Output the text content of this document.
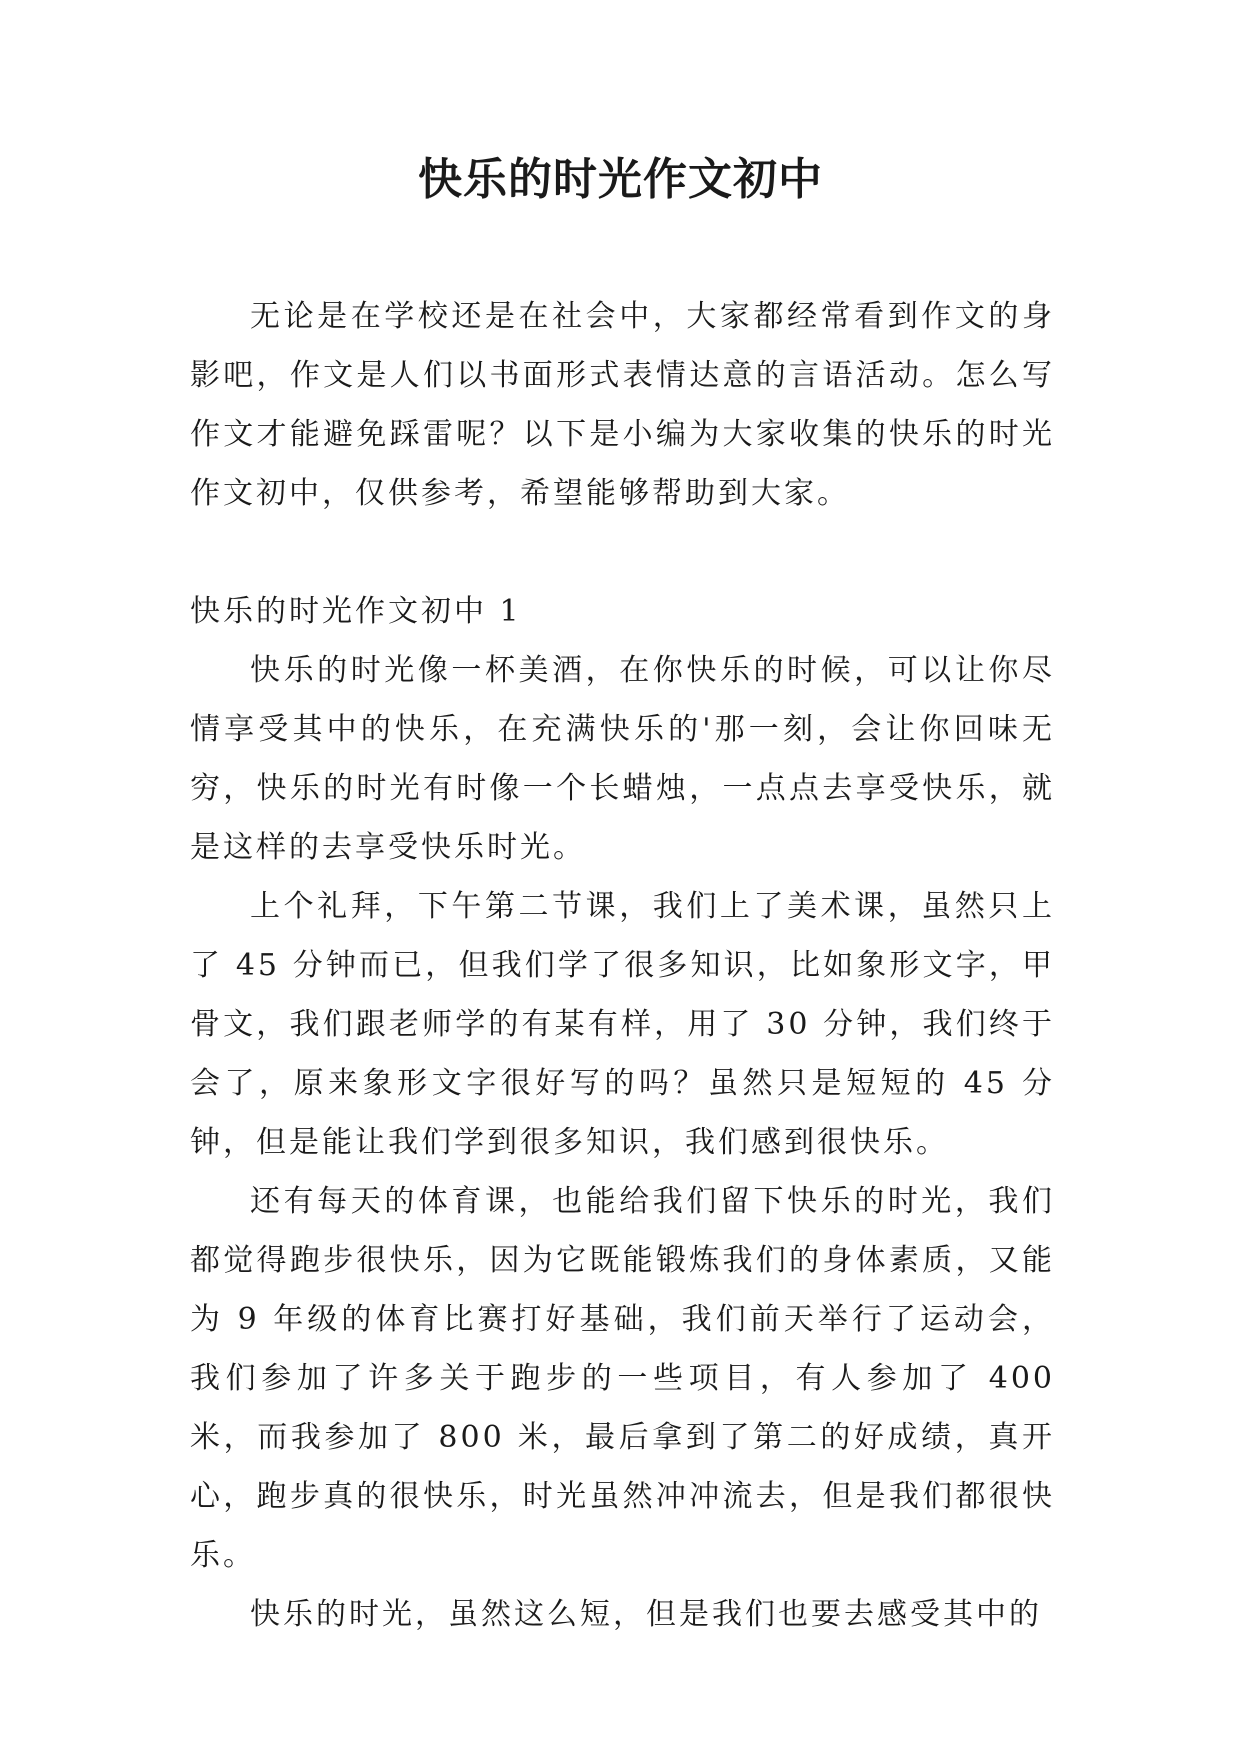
快乐的时光作文初中

无论是在学校还是在社会中，大家都经常看到作文的身影吧，作文是人们以书面形式表情达意的言语活动。怎么写作文才能避免踩雷呢？以下是小编为大家收集的快乐的时光作文初中，仅供参考，希望能够帮助到大家。

快乐的时光作文初中 1

快乐的时光像一杯美酒，在你快乐的时候，可以让你尽情享受其中的快乐，在充满快乐的'那一刻，会让你回味无穷，快乐的时光有时像一个长蜡烛，一点点去享受快乐，就是这样的去享受快乐时光。

上个礼拜，下午第二节课，我们上了美术课，虽然只上了 45 分钟而已，但我们学了很多知识，比如象形文字，甲骨文，我们跟老师学的有某有样，用了 30 分钟，我们终于会了，原来象形文字很好写的吗？虽然只是短短的 45 分钟，但是能让我们学到很多知识，我们感到很快乐。

还有每天的体育课，也能给我们留下快乐的时光，我们都觉得跑步很快乐，因为它既能锻炼我们的身体素质，又能为 9 年级的体育比赛打好基础，我们前天举行了运动会，我们参加了许多关于跑步的一些项目，有人参加了 400 米，而我参加了 800 米，最后拿到了第二的好成绩，真开心，跑步真的很快乐，时光虽然冲冲流去，但是我们都很快乐。

快乐的时光，虽然这么短，但是我们也要去感受其中的
